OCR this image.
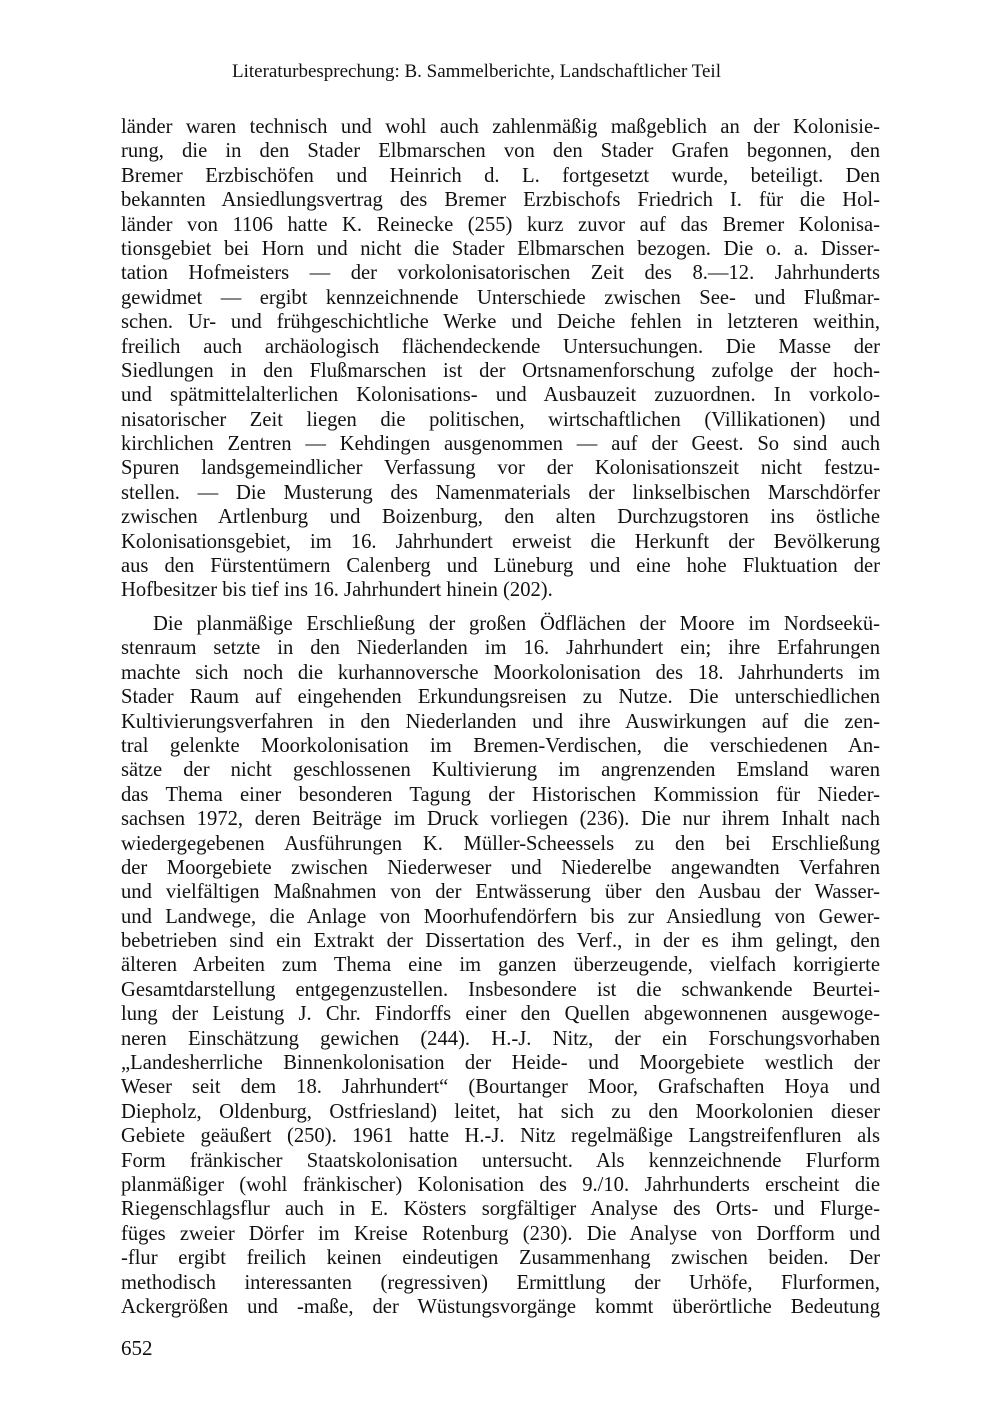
Literaturbesprechung: B. Sammelberichte, Landschaftlicher Teil
länder waren technisch und wohl auch zahlenmäßig maßgeblich an der Kolonisie-
rung, die in den Stader Elbmarschen von den Stader Grafen begonnen, den
Bremer Erzbischöfen und Heinrich d. L. fortgesetzt wurde, beteiligt. Den
bekannten Ansiedlungsvertrag des Bremer Erzbischofs Friedrich I. für die Hol-
länder von 1106 hatte K. Reinecke (255) kurz zuvor auf das Bremer Kolonisa-
tionsgebiet bei Horn und nicht die Stader Elbmarschen bezogen. Die o. a. Disser-
tation Hofmeisters — der vorkolonisatorischen Zeit des 8.—12. Jahrhunderts
gewidmet — ergibt kennzeichnende Unterschiede zwischen See- und Flußmar-
schen. Ur- und frühgeschichtliche Werke und Deiche fehlen in letzteren weithin,
freilich auch archäologisch flächendeckende Untersuchungen. Die Masse der
Siedlungen in den Flußmarschen ist der Ortsnamenforschung zufolge der hoch-
und spätmittelalterlichen Kolonisations- und Ausbauzeit zuzuordnen. In vorkolo-
nisatorischer Zeit liegen die politischen, wirtschaftlichen (Villikationen) und
kirchlichen Zentren — Kehdingen ausgenommen — auf der Geest. So sind auch
Spuren landsgemeindlicher Verfassung vor der Kolonisationszeit nicht festzu-
stellen. — Die Musterung des Namenmaterials der linkselbischen Marschdörfer
zwischen Artlenburg und Boizenburg, den alten Durchzugstoren ins östliche
Kolonisationsgebiet, im 16. Jahrhundert erweist die Herkunft der Bevölkerung
aus den Fürstentümern Calenberg und Lüneburg und eine hohe Fluktuation der
Hofbesitzer bis tief ins 16. Jahrhundert hinein (202).
Die planmäßige Erschließung der großen Ödflächen der Moore im Nordseekü-
stenraum setzte in den Niederlanden im 16. Jahrhundert ein; ihre Erfahrungen
machte sich noch die kurhannoversche Moorkolonisation des 18. Jahrhunderts im
Stader Raum auf eingehenden Erkundungsreisen zu Nutze. Die unterschiedlichen
Kultivierungsverfahren in den Niederlanden und ihre Auswirkungen auf die zen-
tral gelenkte Moorkolonisation im Bremen-Verdischen, die verschiedenen An-
sätze der nicht geschlossenen Kultivierung im angrenzenden Emsland waren
das Thema einer besonderen Tagung der Historischen Kommission für Nieder-
sachsen 1972, deren Beiträge im Druck vorliegen (236). Die nur ihrem Inhalt nach
wiedergegebenen Ausführungen K. Müller-Scheessels zu den bei Erschließung
der Moorgebiete zwischen Niederweser und Niederelbe angewandten Verfahren
und vielfältigen Maßnahmen von der Entwässerung über den Ausbau der Wasser-
und Landwege, die Anlage von Moorhufendörfern bis zur Ansiedlung von Gewer-
bebetrieben sind ein Extrakt der Dissertation des Verf., in der es ihm gelingt, den
älteren Arbeiten zum Thema eine im ganzen überzeugende, vielfach korrigierte
Gesamtdarstellung entgegenzustellen. Insbesondere ist die schwankende Beurtei-
lung der Leistung J. Chr. Findorffs einer den Quellen abgewonnenen ausgewoge-
neren Einschätzung gewichen (244). H.-J. Nitz, der ein Forschungsvorhaben
„Landesherrliche Binnenkolonisation der Heide- und Moorgebiete westlich der
Weser seit dem 18. Jahrhundert“ (Bourtanger Moor, Grafschaften Hoya und
Diepholz, Oldenburg, Ostfriesland) leitet, hat sich zu den Moorkolonien dieser
Gebiete geäußert (250). 1961 hatte H.-J. Nitz regelmäßige Langstreifenfluren als
Form fränkischer Staatskolonisation untersucht. Als kennzeichnende Flurform
planmäßiger (wohl fränkischer) Kolonisation des 9./10. Jahrhunderts erscheint die
Riegenschlagsflur auch in E. Kösters sorgfältiger Analyse des Orts- und Flurge-
füges zweier Dörfer im Kreise Rotenburg (230). Die Analyse von Dorfform und
-flur ergibt freilich keinen eindeutigen Zusammenhang zwischen beiden. Der
methodisch interessanten (regressiven) Ermittlung der Urhöfe, Flurformen,
Ackergrößen und -maße, der Wüstungsvorgänge kommt überörtliche Bedeutung
652
